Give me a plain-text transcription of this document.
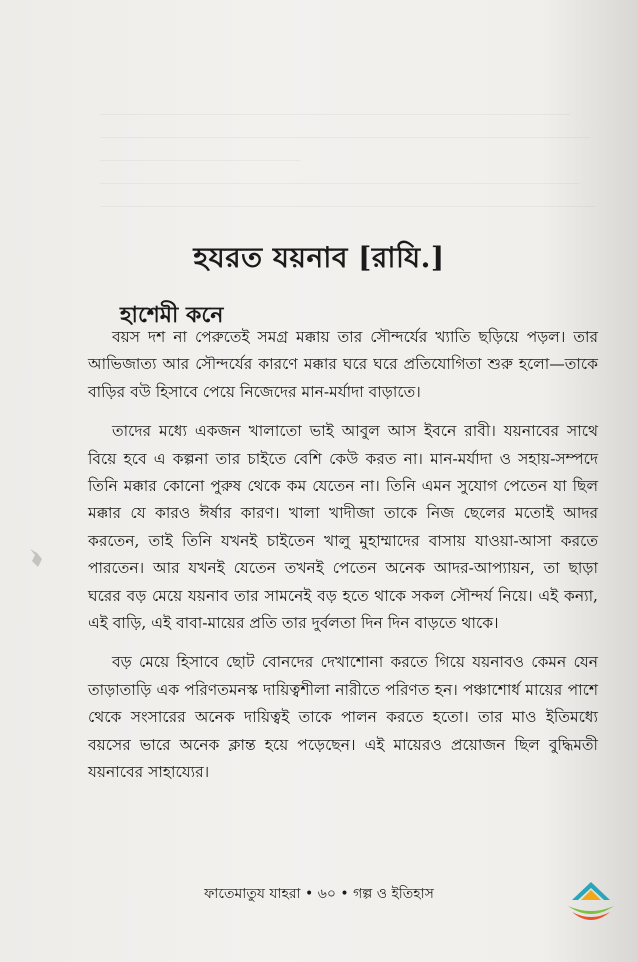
হযরত যয়নাব [রাযি.]
হাশেমী কনে

বয়স দশ না পেরুতেই সমগ্র মক্কায় তার সৌন্দর্যের খ্যাতি ছড়িয়ে পড়ল। তার আভিজাত্য আর সৌন্দর্যের কারণে মক্কার ঘরে ঘরে প্রতিযোগিতা শুরু হলো—তাকে বাড়ির বউ হিসাবে পেয়ে নিজেদের মান-মর্যাদা বাড়াতে।

তাদের মধ্যে একজন খালাতো ভাই আবুল আস ইবনে রাবী। যয়নাবের সাথে বিয়ে হবে এ কল্পনা তার চাইতে বেশি কেউ করত না। মান-মর্যাদা ও সহায়-সম্পদে তিনি মক্কার কোনো পুরুষ থেকে কম যেতেন না। তিনি এমন সুযোগ পেতেন যা ছিল মক্কার যে কারও ঈর্ষার কারণ। খালা খাদীজা তাকে নিজ ছেলের মতোই আদর করতেন, তাই তিনি যখনই চাইতেন খালু মুহাম্মাদের বাসায় যাওয়া-আসা করতে পারতেন। আর যখনই যেতেন তখনই পেতেন অনেক আদর-আপ্যায়ন, তা ছাড়া ঘরের বড় মেয়ে যয়নাব তার সামনেই বড় হতে থাকে সকল সৌন্দর্য নিয়ে। এই কন্যা, এই বাড়ি, এই বাবা-মায়ের প্রতি তার দুর্বলতা দিন দিন বাড়তে থাকে।

বড় মেয়ে হিসাবে ছোট বোনদের দেখাশোনা করতে গিয়ে যয়নাবও কেমন যেন তাড়াতাড়ি এক পরিণতমনস্ক দায়িত্বশীলা নারীতে পরিণত হন। পঞ্চাশোর্ধ মায়ের পাশে থেকে সংসারের অনেক দায়িত্বই তাকে পালন করতে হতো। তার মাও ইতিমধ্যে বয়সের ভারে অনেক ক্লান্ত হয়ে পড়েছেন। এই মায়েরও প্রয়োজন ছিল বুদ্ধিমতী যয়নাবের সাহায্যের।

ফাতেমাতুয যাহরা • ৬০ • গল্প ও ইতিহাস
